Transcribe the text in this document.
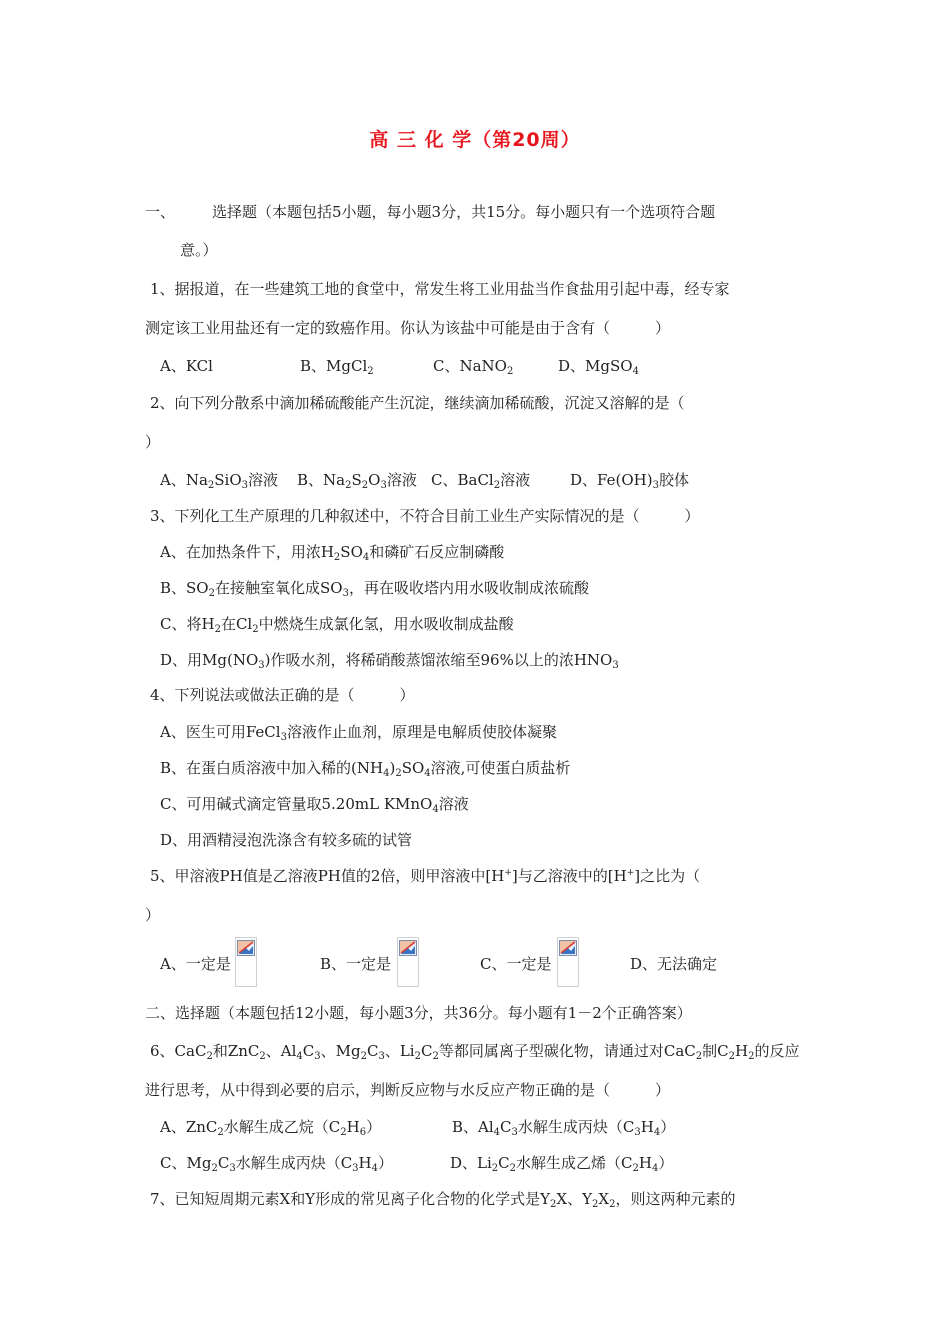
高 三 化 学（第20周）
一、 选择题（本题包括5小题，每小题3分，共15分。每小题只有一个选项符合题
意。）
1、据报道，在一些建筑工地的食堂中，常发生将工业用盐当作食盐用引起中毒，经专家
测定该工业用盐还有一定的致癌作用。你认为该盐中可能是由于含有（　　　）
A、KCl	B、MgCl$_2$	C、NaNO$_2$	D、MgSO$_4$
2、向下列分散系中滴加稀硫酸能产生沉淀，继续滴加稀硫酸，沉淀又溶解的是（
）
A、$Na_2SiO_3$溶液 B、$Na_2S_2O_3$溶液 C、BaCl$_2$溶液	D、$Fe(OH)_3$胶体
3、下列化工生产原理的几种叙述中，不符合目前工业生产实际情况的是（　　　）
A、在加热条件下，用浓$H_2SO_4$和磷矿石反应制磷酸
B、$SO_2$在接触室氧化成$SO_3$，再在吸收塔内用水吸收制成浓硫酸
C、将$H_2$在$Cl_2$中燃烧生成氯化氢，用水吸收制成盐酸
D、用$Mg(NO_3)$作吸水剂，将稀硝酸蒸馏浓缩至96%以上的浓$HNO_3$
4、下列说法或做法正确的是（　　　）
A、医生可用FeCl$_3$溶液作止血剂，原理是电解质使胶体凝聚
B、在蛋白质溶液中加入稀的$(NH_4)_2SO_4$溶液,可使蛋白质盐析
C、可用碱式滴定管量取5.20mL KMnO$_4$溶液
D、用酒精浸泡洗涤含有较多硫的试管
5、甲溶液PH值是乙溶液PH值的2倍，则甲溶液中[H+]与乙溶液中的[H+]之比为（
）
A、一定是	B、一定是	C、一定是	D、无法确定
二、选择题（本题包括12小题，每小题3分，共36分。每小题有1－2个正确答案）
6、CaC$_2$和ZnC$_2$、$Al_4C_3$、$Mg_2C_3$、$Li_2C_2$等都同属离子型碳化物，请通过对CaC$_2$制$C_2H_2$的反应
进行思考，从中得到必要的启示，判断反应物与水反应产物正确的是（　　　）
A、ZnC$_2$水解生成乙烷$(C_2H_6)$	B、$Al_4C_3$水解生成丙炔$(C_3H_4)$
C、$Mg_2C_3$水解生成丙炔$(C_3H_4)$	D、$Li_2C_2$水解生成乙烯$(C_2H_4)$
7、已知短周期元素X和Y形成的常见离子化合物的化学式是$Y_2X$、$Y_2X_2$，则这两种元素的
